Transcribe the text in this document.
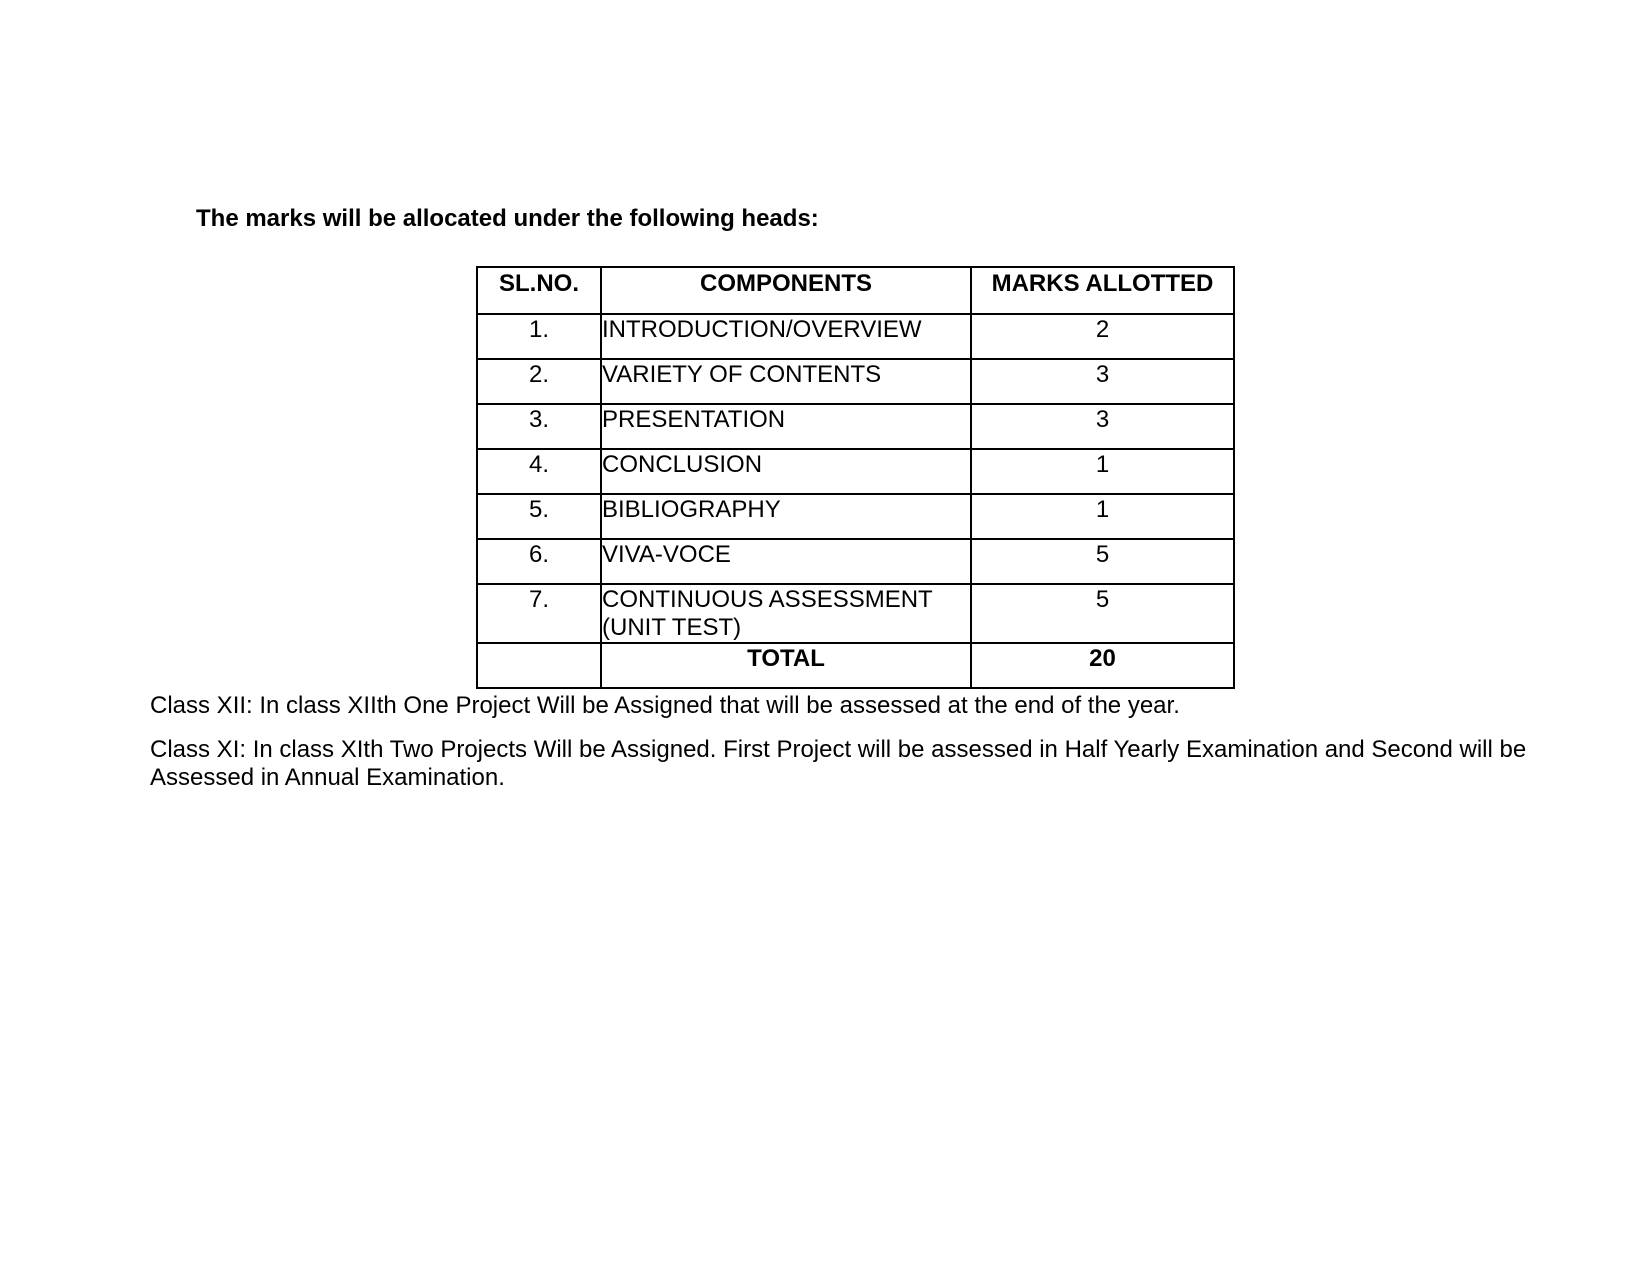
The marks will be allocated under the following heads:

SL.NO.	COMPONENTS	MARKS ALLOTTED
1.	INTRODUCTION/OVERVIEW	2
2.	VARIETY OF CONTENTS	3
3.	PRESENTATION	3
4.	CONCLUSION	1
5.	BIBLIOGRAPHY	1
6.	VIVA-VOCE	5
7.	CONTINUOUS ASSESSMENT (UNIT TEST)	5
	TOTAL	20

Class XII: In class XIIth One Project Will be Assigned that will be assessed at the end of the year.

Class XI: In class XIth Two Projects Will be Assigned. First Project will be assessed in Half Yearly Examination and Second will be Assessed in Annual Examination.
